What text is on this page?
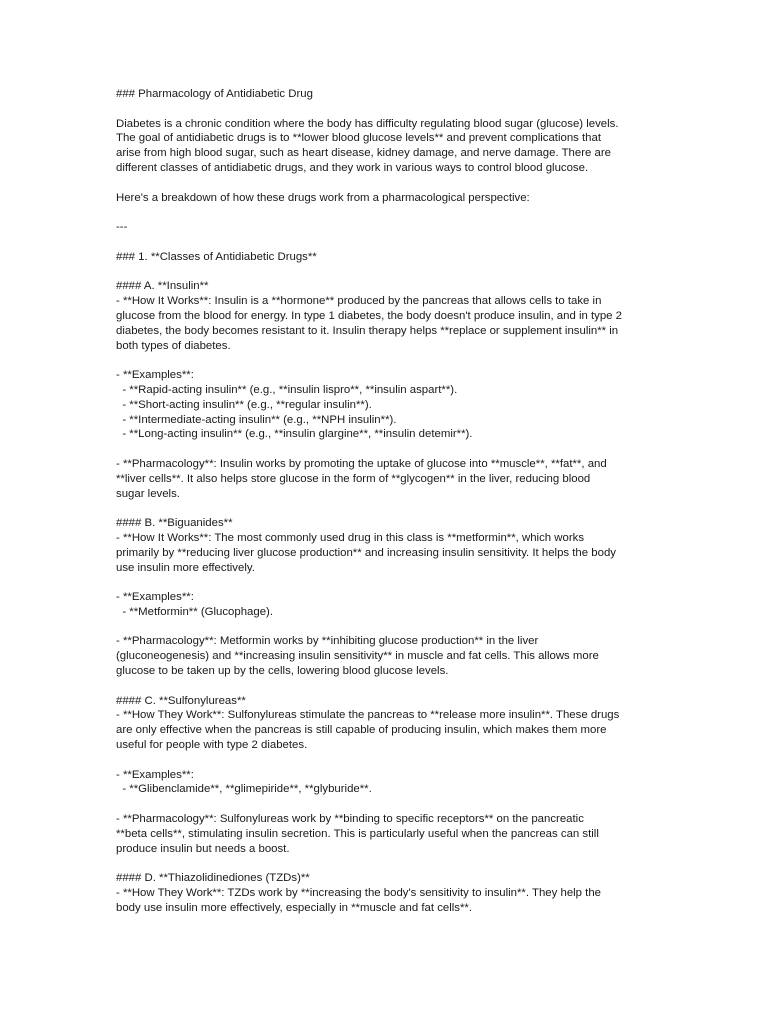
### Pharmacology of Antidiabetic Drug
Diabetes is a chronic condition where the body has difficulty regulating blood sugar (glucose) levels.
The goal of antidiabetic drugs is to **lower blood glucose levels** and prevent complications that
arise from high blood sugar, such as heart disease, kidney damage, and nerve damage. There are
different classes of antidiabetic drugs, and they work in various ways to control blood glucose.
Here's a breakdown of how these drugs work from a pharmacological perspective:
---
### 1. **Classes of Antidiabetic Drugs**
#### A. **Insulin**
- **How It Works**: Insulin is a **hormone** produced by the pancreas that allows cells to take in
glucose from the blood for energy. In type 1 diabetes, the body doesn't produce insulin, and in type 2
diabetes, the body becomes resistant to it. Insulin therapy helps **replace or supplement insulin** in
both types of diabetes.
- **Examples**:
- **Rapid-acting insulin** (e.g., **insulin lispro**, **insulin aspart**).
- **Short-acting insulin** (e.g., **regular insulin**).
- **Intermediate-acting insulin** (e.g., **NPH insulin**).
- **Long-acting insulin** (e.g., **insulin glargine**, **insulin detemir**).
- **Pharmacology**: Insulin works by promoting the uptake of glucose into **muscle**, **fat**, and
**liver cells**. It also helps store glucose in the form of **glycogen** in the liver, reducing blood
sugar levels.
#### B. **Biguanides**
- **How It Works**: The most commonly used drug in this class is **metformin**, which works
primarily by **reducing liver glucose production** and increasing insulin sensitivity. It helps the body
use insulin more effectively.
- **Examples**:
- **Metformin** (Glucophage).
- **Pharmacology**: Metformin works by **inhibiting glucose production** in the liver
(gluconeogenesis) and **increasing insulin sensitivity** in muscle and fat cells. This allows more
glucose to be taken up by the cells, lowering blood glucose levels.
#### C. **Sulfonylureas**
- **How They Work**: Sulfonylureas stimulate the pancreas to **release more insulin**. These drugs
are only effective when the pancreas is still capable of producing insulin, which makes them more
useful for people with type 2 diabetes.
- **Examples**:
- **Glibenclamide**, **glimepiride**, **glyburide**.
- **Pharmacology**: Sulfonylureas work by **binding to specific receptors** on the pancreatic
**beta cells**, stimulating insulin secretion. This is particularly useful when the pancreas can still
produce insulin but needs a boost.
#### D. **Thiazolidinediones (TZDs)**
- **How They Work**: TZDs work by **increasing the body's sensitivity to insulin**. They help the
body use insulin more effectively, especially in **muscle and fat cells**.
